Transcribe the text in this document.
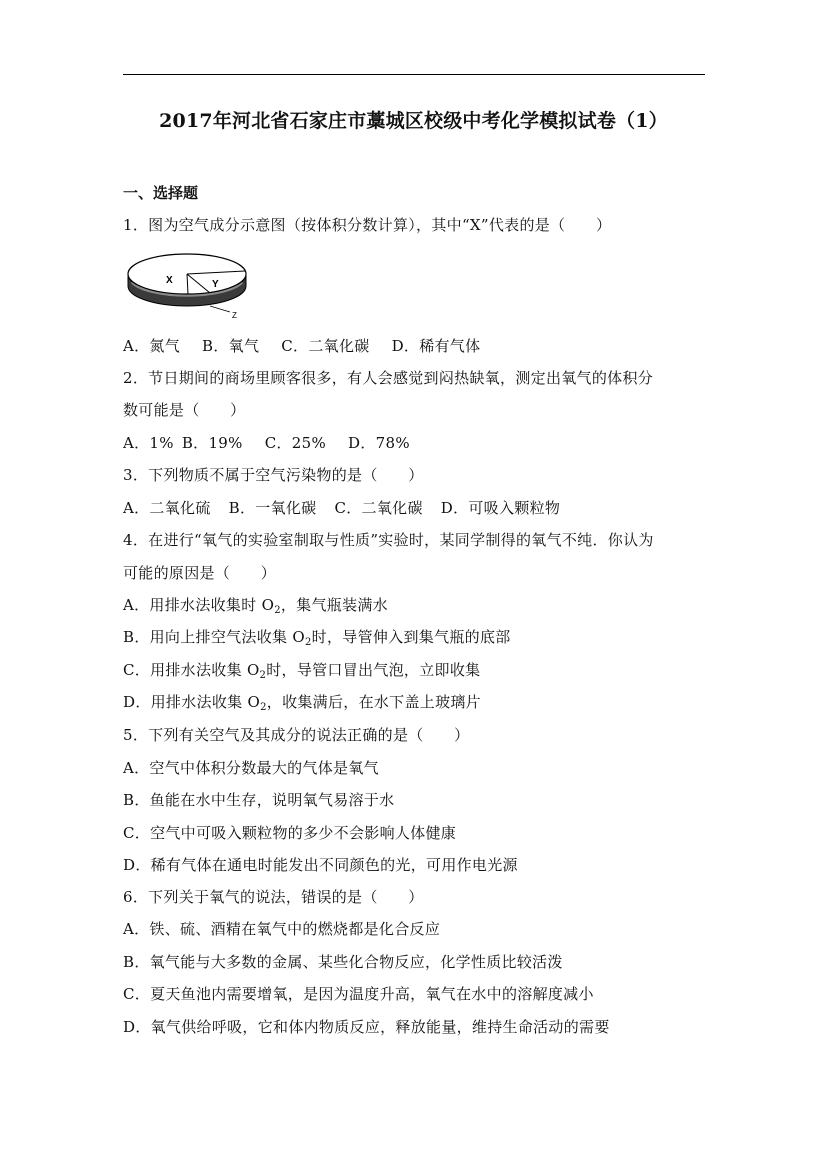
2017年河北省石家庄市藁城区校级中考化学模拟试卷（1）
一、选择题
1．图为空气成分示意图（按体积分数计算），其中“X”代表的是（　　）
X	Y
Z
A．氮气 B．氧气 C．二氧化碳 D．稀有气体
2．节日期间的商场里顾客很多，有人会感觉到闷热缺氧，测定出氧气的体积分
数可能是（　　）
A．1% B．19% C．25% D．78%
3．下列物质不属于空气污染物的是（　　）
A．二氧化硫 B．一氧化碳 C．二氧化碳 D．可吸入颗粒物
4．在进行“氧气的实验室制取与性质”实验时，某同学制得的氧气不纯．你认为
可能的原因是（　　）
A．用排水法收集时 $O_2$，集气瓶装满水
B．用向上排空气法收集 $O_2$时，导管伸入到集气瓶的底部
C．用排水法收集 $O_2$时，导管口冒出气泡，立即收集
D．用排水法收集 $O_2$，收集满后，在水下盖上玻璃片
5．下列有关空气及其成分的说法正确的是（　　）
A．空气中体积分数最大的气体是氧气
B．鱼能在水中生存，说明氧气易溶于水
C．空气中可吸入颗粒物的多少不会影响人体健康
D．稀有气体在通电时能发出不同颜色的光，可用作电光源
6．下列关于氧气的说法，错误的是（　　）
A．铁、硫、酒精在氧气中的燃烧都是化合反应
B．氧气能与大多数的金属、某些化合物反应，化学性质比较活泼
C．夏天鱼池内需要增氧，是因为温度升高，氧气在水中的溶解度减小
D．氧气供给呼吸，它和体内物质反应，释放能量，维持生命活动的需要
